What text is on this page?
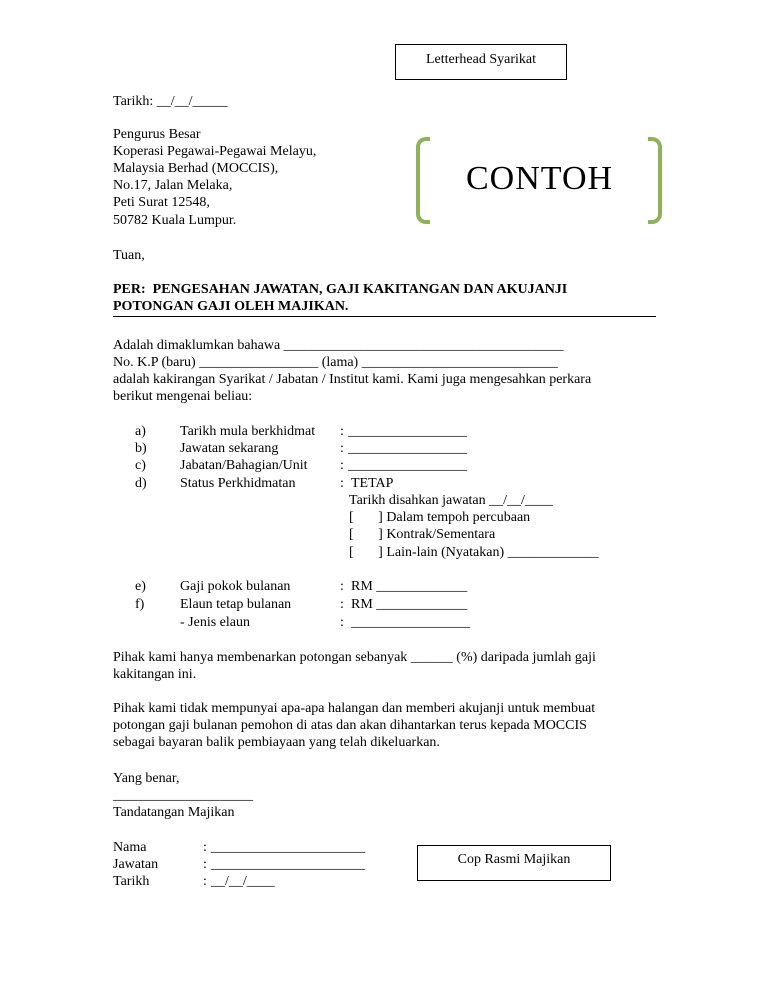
Letterhead Syarikat
Tarikh: __/__/_____
Pengurus Besar
Koperasi Pegawai-Pegawai Melayu,
Malaysia Berhad (MOCCIS),
No.17, Jalan Melaka,
Peti Surat 12548,
50782 Kuala Lumpur.
CONTOH
Tuan,
PER:  PENGESAHAN JAWATAN, GAJI KAKITANGAN DAN AKUJANJI
POTONGAN GAJI OLEH MAJIKAN.
Adalah dimaklumkan bahawa ________________________________________
No. K.P (baru) _________________ (lama) ____________________________
adalah kakirangan Syarikat / Jabatan / Institut kami. Kami juga mengesahkan perkara
berikut mengenai beliau:
a) Tarikh mula berkhidmat : _________________
b) Jawatan sekarang	: _________________
c) Jabatan/Bahagian/Unit : _________________
d) Status Perkhidmatan	: TETAP
Tarikh disahkan jawatan __/__/____
[       ] Dalam tempoh percubaan
[       ] Kontrak/Sementara
[       ] Lain-lain (Nyatakan) _____________
e) Gaji pokok bulanan	: RM _____________
f)	Elaun tetap bulanan	: RM _____________
- Jenis elaun	: _________________
Pihak kami hanya membenarkan potongan sebanyak ______ (%) daripada jumlah gaji
kakitangan ini.
Pihak kami tidak mempunyai apa-apa halangan dan memberi akujanji untuk membuat
potongan gaji bulanan pemohon di atas dan akan dihantarkan terus kepada MOCCIS
sebagai bayaran balik pembiayaan yang telah dikeluarkan.
Yang benar,
____________________
Tandatangan Majikan
Nama	: ______________________
Jawatan	: ______________________
Tarikh	: __/__/____
Cop Rasmi Majikan
